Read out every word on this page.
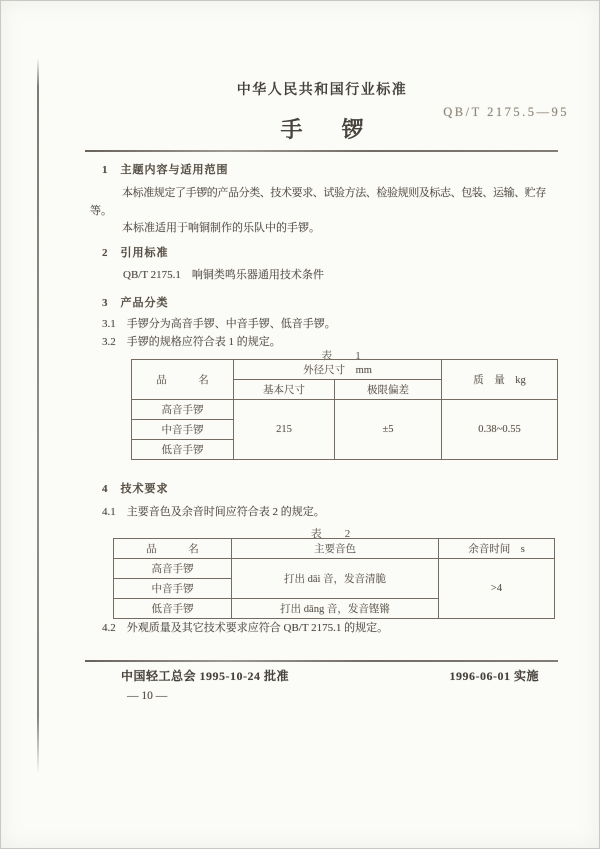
中华人民共和国行业标准
QB/T 2175.5—95
手 锣
1　主题内容与适用范围
本标准规定了手锣的产品分类、技术要求、试验方法、检验规则及标志、包装、运输、贮存
等。
本标准适用于响铜制作的乐队中的手锣。
2　引用标准
QB/T 2175.1　响铜类鸣乐器通用技术条件
3　产品分类
3.1　手锣分为高音手锣、中音手锣、低音手锣。
3.2　手锣的规格应符合表 1 的规定。
表　1
品　　　名	外径尺寸　mm		质　量　kg
	基本尺寸	极限偏差	
高音手锣	215	±5	0.38~0.55
中音手锣			
低音手锣			
4　技术要求
4.1　主要音色及余音时间应符合表 2 的规定。
表　2
品　　　名	主要音色	余音时间　s
高音手锣	打出 dāi 音，发音清脆	>4
中音手锣		
低音手锣	打出 dāng 音，发音铿锵	
4.2　外观质量及其它技术要求应符合 QB/T 2175.1 的规定。
中国轻工总会 1995-10-24 批准	1996-06-01 实施
— 10 —
